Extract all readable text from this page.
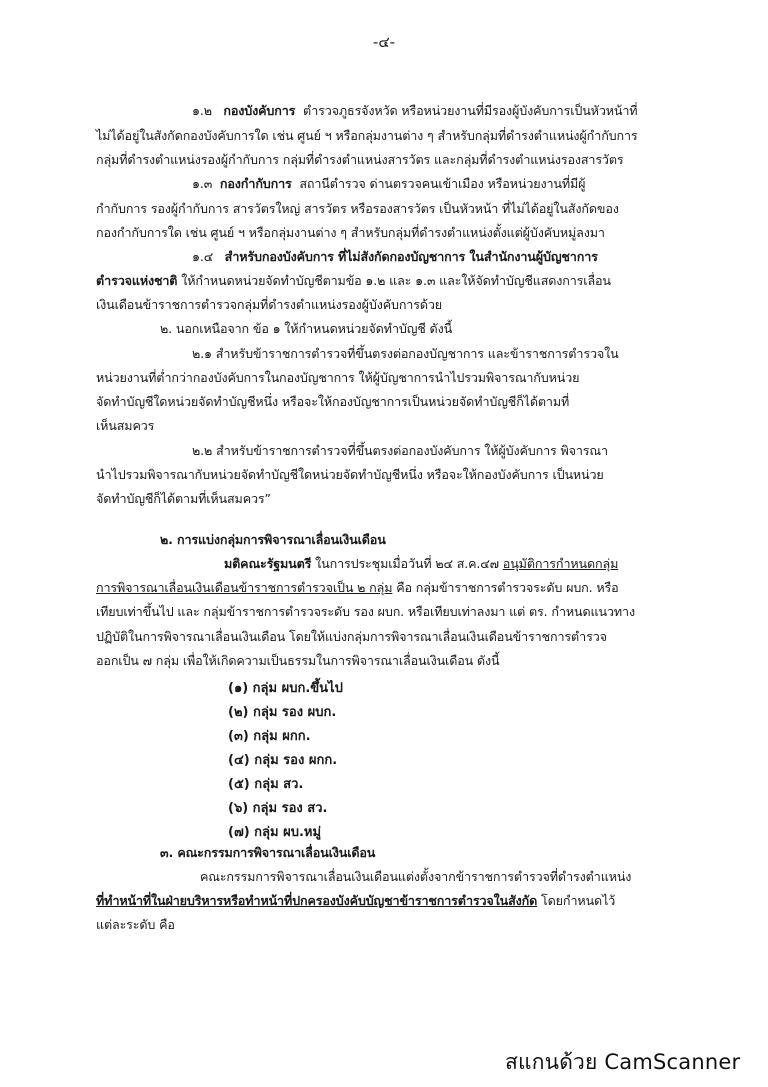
-๔-
๑.๒ กองบังคับการ ตำรวจภูธรจังหวัด หรือหน่วยงานที่มีรองผู้บังคับการเป็นหัวหน้าที่
ไม่ได้อยู่ในสังกัดกองบังคับการใด เช่น ศูนย์ ฯ หรือกลุ่มงานต่าง ๆ สำหรับกลุ่มที่ดำรงตำแหน่งผู้กำกับการ
กลุ่มที่ดำรงตำแหน่งรองผู้กำกับการ กลุ่มที่ดำรงตำแหน่งสารวัตร และกลุ่มที่ดำรงตำแหน่งรองสารวัตร
๑.๓ กองกำกับการ สถานีตำรวจ ด่านตรวจคนเข้าเมือง หรือหน่วยงานที่มีผู้
กำกับการ รองผู้กำกับการ สารวัตรใหญ่ สารวัตร หรือรองสารวัตร เป็นหัวหน้า ที่ไม่ได้อยู่ในสังกัดของ
กองกำกับการใด เช่น ศูนย์ ฯ หรือกลุ่มงานต่าง ๆ สำหรับกลุ่มที่ดำรงตำแหน่งตั้งแต่ผู้บังคับหมู่ลงมา
๑.๔ สำหรับกองบังคับการ ที่ไม่สังกัดกองบัญชาการ ในสำนักงานผู้บัญชาการ
ตำรวจแห่งชาติ ให้กำหนดหน่วยจัดทำบัญชีตามข้อ ๑.๒ และ ๑.๓ และให้จัดทำบัญชีแสดงการเลื่อน
เงินเดือนข้าราชการตำรวจกลุ่มที่ดำรงตำแหน่งรองผู้บังคับการด้วย
๒. นอกเหนือจาก ข้อ ๑ ให้กำหนดหน่วยจัดทำบัญชี ดังนี้
๒.๑ สำหรับข้าราชการตำรวจที่ขึ้นตรงต่อกองบัญชาการ และข้าราชการตำรวจใน
หน่วยงานที่ต่ำกว่ากองบังคับการในกองบัญชาการ ให้ผู้บัญชาการนำไปรวมพิจารณากับหน่วย
จัดทำบัญชีใดหน่วยจัดทำบัญชีหนึ่ง หรือจะให้กองบัญชาการเป็นหน่วยจัดทำบัญชีก็ได้ตามที่
เห็นสมควร
๒.๒ สำหรับข้าราชการตำรวจที่ขึ้นตรงต่อกองบังคับการ ให้ผู้บังคับการ พิจารณา
นำไปรวมพิจารณากับหน่วยจัดทำบัญชีใดหน่วยจัดทำบัญชีหนึ่ง หรือจะให้กองบังคับการ เป็นหน่วย
จัดทำบัญชีก็ได้ตามที่เห็นสมควร”
๒. การแบ่งกลุ่มการพิจารณาเลื่อนเงินเดือน
มติคณะรัฐมนตรี ในการประชุมเมื่อวันที่ ๒๔ ส.ค.๔๗ อนุมัติการกำหนดกลุ่ม
การพิจารณาเลื่อนเงินเดือนข้าราชการตำรวจเป็น ๒ กลุ่ม คือ กลุ่มข้าราชการตำรวจระดับ ผบก. หรือ
เทียบเท่าขึ้นไป และ กลุ่มข้าราชการตำรวจระดับ รอง ผบก. หรือเทียบเท่าลงมา แต่ ตร. กำหนดแนวทาง
ปฏิบัติในการพิจารณาเลื่อนเงินเดือน โดยให้แบ่งกลุ่มการพิจารณาเลื่อนเงินเดือนข้าราชการตำรวจ
ออกเป็น ๗ กลุ่ม เพื่อให้เกิดความเป็นธรรมในการพิจารณาเลื่อนเงินเดือน ดังนี้
(๑) กลุ่ม ผบก.ขึ้นไป
(๒) กลุ่ม รอง ผบก.
(๓) กลุ่ม ผกก.
(๔) กลุ่ม รอง ผกก.
(๕) กลุ่ม สว.
(๖) กลุ่ม รอง สว.
(๗) กลุ่ม ผบ.หมู่
๓. คณะกรรมการพิจารณาเลื่อนเงินเดือน
คณะกรรมการพิจารณาเลื่อนเงินเดือนแต่งตั้งจากข้าราชการตำรวจที่ดำรงตำแหน่ง
ที่ทำหน้าที่ในฝ่ายบริหารหรือทำหน้าที่ปกครองบังคับบัญชาข้าราชการตำรวจในสังกัด โดยกำหนดไว้
แต่ละระดับ คือ
สแกนด้วย CamScanner
